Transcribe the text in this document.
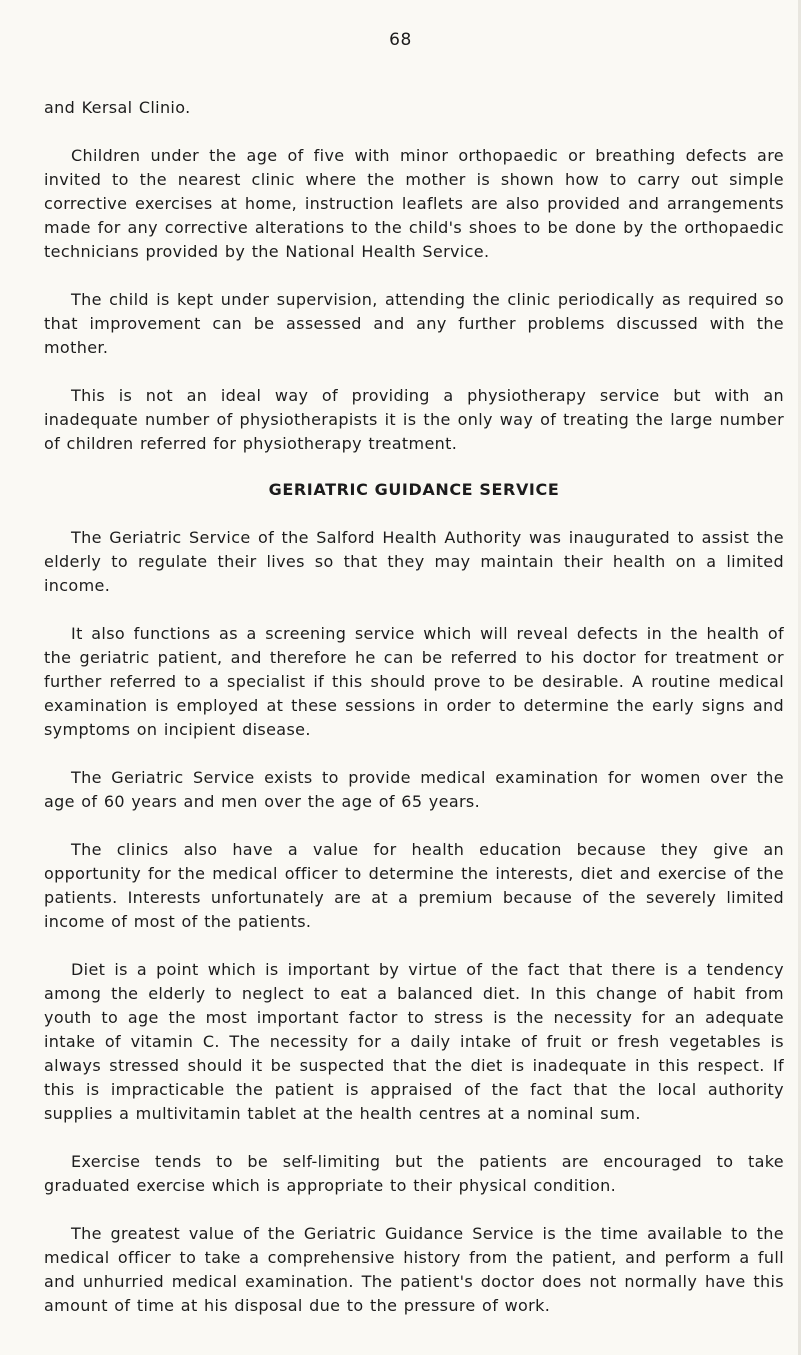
68

and Kersal Clinio.

Children under the age of five with minor orthopaedic or breathing defects are invited to the nearest clinic where the mother is shown how to carry out simple corrective exercises at home, instruction leaflets are also provided and arrangements made for any corrective alterations to the child's shoes to be done by the orthopaedic technicians provided by the National Health Service.

The child is kept under supervision, attending the clinic periodically as required so that improvement can be assessed and any further problems discussed with the mother.

This is not an ideal way of providing a physiotherapy service but with an inadequate number of physiotherapists it is the only way of treating the large number of children referred for physiotherapy treatment.

GERIATRIC GUIDANCE SERVICE

The Geriatric Service of the Salford Health Authority was inaugurated to assist the elderly to regulate their lives so that they may maintain their health on a limited income.

It also functions as a screening service which will reveal defects in the health of the geriatric patient, and therefore he can be referred to his doctor for treatment or further referred to a specialist if this should prove to be desirable. A routine medical examination is employed at these sessions in order to determine the early signs and symptoms on incipient disease.

The Geriatric Service exists to provide medical examination for women over the age of 60 years and men over the age of 65 years.

The clinics also have a value for health education because they give an opportunity for the medical officer to determine the interests, diet and exercise of the patients. Interests unfortunately are at a premium because of the severely limited income of most of the patients.

Diet is a point which is important by virtue of the fact that there is a tendency among the elderly to neglect to eat a balanced diet. In this change of habit from youth to age the most important factor to stress is the necessity for an adequate intake of vitamin C. The necessity for a daily intake of fruit or fresh vegetables is always stressed should it be suspected that the diet is inadequate in this respect. If this is impracticable the patient is appraised of the fact that the local authority supplies a multivitamin tablet at the health centres at a nominal sum.

Exercise tends to be self-limiting but the patients are encouraged to take graduated exercise which is appropriate to their physical condition.

The greatest value of the Geriatric Guidance Service is the time available to the medical officer to take a comprehensive history from the patient, and perform a full and unhurried medical examination. The patient's doctor does not normally have this amount of time at his disposal due to the pressure of work.
